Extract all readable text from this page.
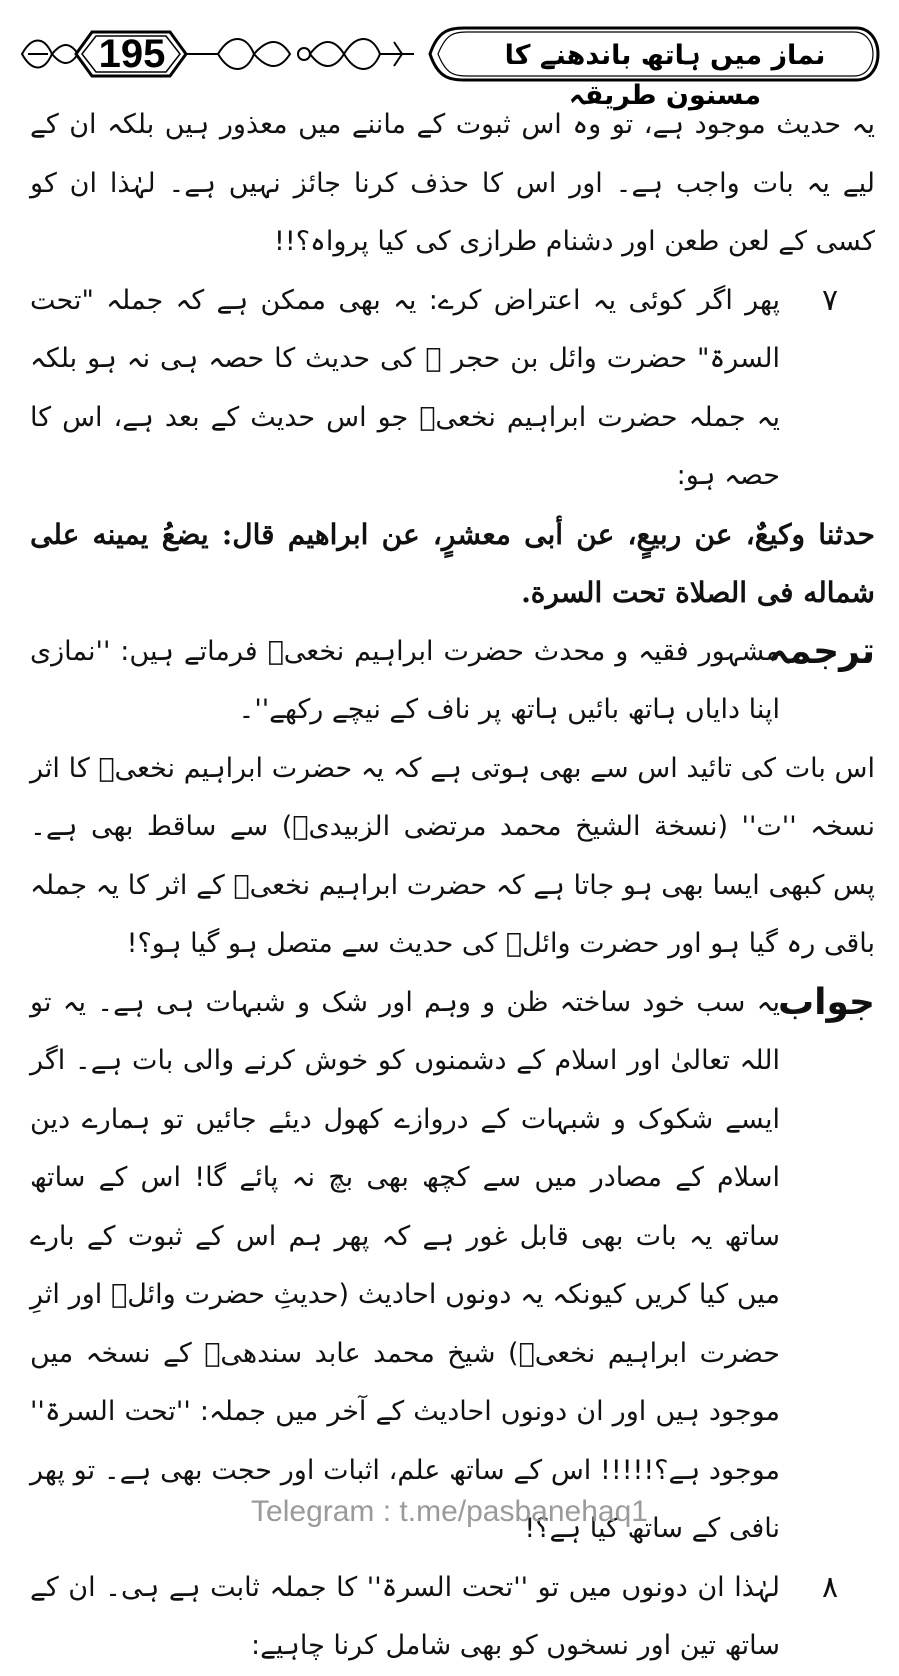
195	نماز میں ہاتھ باندھنے کا مسنون طریقہ
یہ حدیث موجود ہے، تو وہ اس ثبوت کے ماننے میں معذور ہیں بلکہ ان کے لیے یہ بات واجب ہے۔ اور اس کا حذف کرنا جائز نہیں ہے۔ لہٰذا ان کو کسی کے لعن طعن اور دشنام طرازی کی کیا پرواہ؟!!
۷
پھر اگر کوئی یہ اعتراض کرے: یہ بھی ممکن ہے کہ جملہ "تحت السرۃ" حضرت وائل بن حجر ﷺ کی حدیث کا حصہ ہی نہ ہو بلکہ یہ جملہ حضرت ابراہیم نخعیؒ جو اس حدیث کے بعد ہے، اس کا حصہ ہو:
حدثنا وكيعٌ، عن ربيعٍ، عن أبى معشرٍ، عن ابراهيم قال: يضعُ يمينه على شماله فى الصلاة تحت السرة.
ترجمہ
مشہور فقیہ و محدث حضرت ابراہیم نخعیؒ فرماتے ہیں: ''نمازی اپنا دایاں ہاتھ بائیں ہاتھ پر ناف کے نیچے رکھے''۔
اس بات کی تائید اس سے بھی ہوتی ہے کہ یہ حضرت ابراہیم نخعیؒ کا اثر نسخہ ''ت'' (نسخة الشيخ محمد مرتضى الزبيدیؒ) سے ساقط بھی ہے۔ پس کبھی ایسا بھی ہو جاتا ہے کہ حضرت ابراہیم نخعیؒ کے اثر کا یہ جملہ باقی رہ گیا ہو اور حضرت وائلؓ کی حدیث سے متصل ہو گیا ہو؟!
جواب
یہ سب خود ساختہ ظن و وہم اور شک و شبہات ہی ہے۔ یہ تو اللہ تعالیٰ اور اسلام کے دشمنوں کو خوش کرنے والی بات ہے۔ اگر ایسے شکوک و شبہات کے دروازے کھول دیئے جائیں تو ہمارے دین اسلام کے مصادر میں سے کچھ بھی بچ نہ پائے گا! اس کے ساتھ ساتھ یہ بات بھی قابل غور ہے کہ پھر ہم اس کے ثبوت کے بارے میں کیا کریں کیونکہ یہ دونوں احادیث (حدیثِ حضرت وائلؓ اور اثرِ حضرت ابراہیم نخعیؒ) شیخ محمد عابد سندھیؒ کے نسخہ میں موجود ہیں اور ان دونوں احادیث کے آخر میں جملہ: ''تحت السرۃ'' موجود ہے؟!!!!! اس کے ساتھ علم، اثبات اور حجت بھی ہے۔ تو پھر نافی کے ساتھ کیا ہے؟!
۸
لہٰذا ان دونوں میں تو ''تحت السرۃ'' کا جملہ ثابت ہے ہی۔ ان کے ساتھ تین اور نسخوں کو بھی شامل کرنا چاہیے:
Telegram : t.me/pasbanehaq1
